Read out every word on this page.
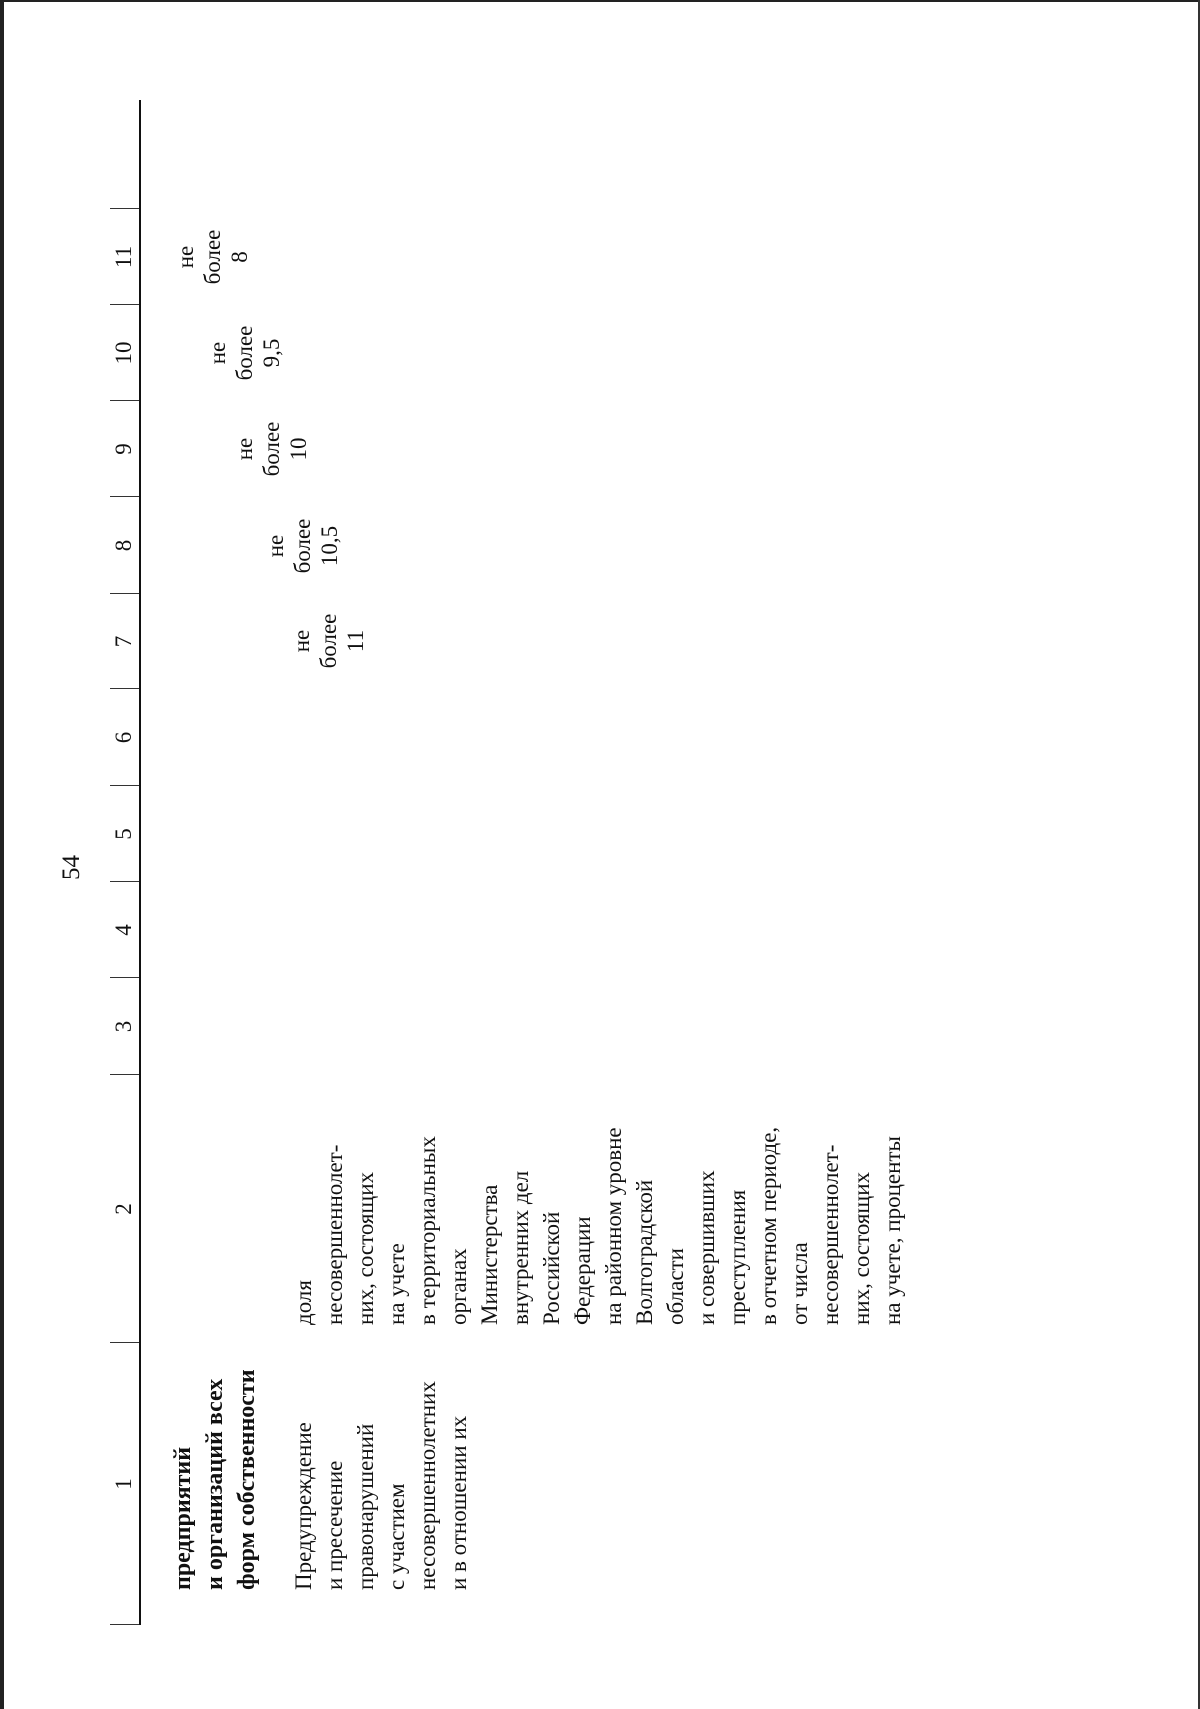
54
1
2
3
4
5
6
7
8
9
10
11
предприятий
и организаций всех
форм собственности Предупреждение
и пресечение
правонарушений
с участием
несовершеннолетних
и в отношении их
доля
несовершеннолет-
них, состоящих
на учете
в территориальных
органах
Министерства
внутренних дел
Российской
Федерации
на районном уровне
Волгоградской
области
и совершивших
преступления
в отчетном периоде,
от числа
несовершеннолет-
них, состоящих
на учете, проценты
не более 11
не более 10,5
не более 10
не более 9,5
не более 8
